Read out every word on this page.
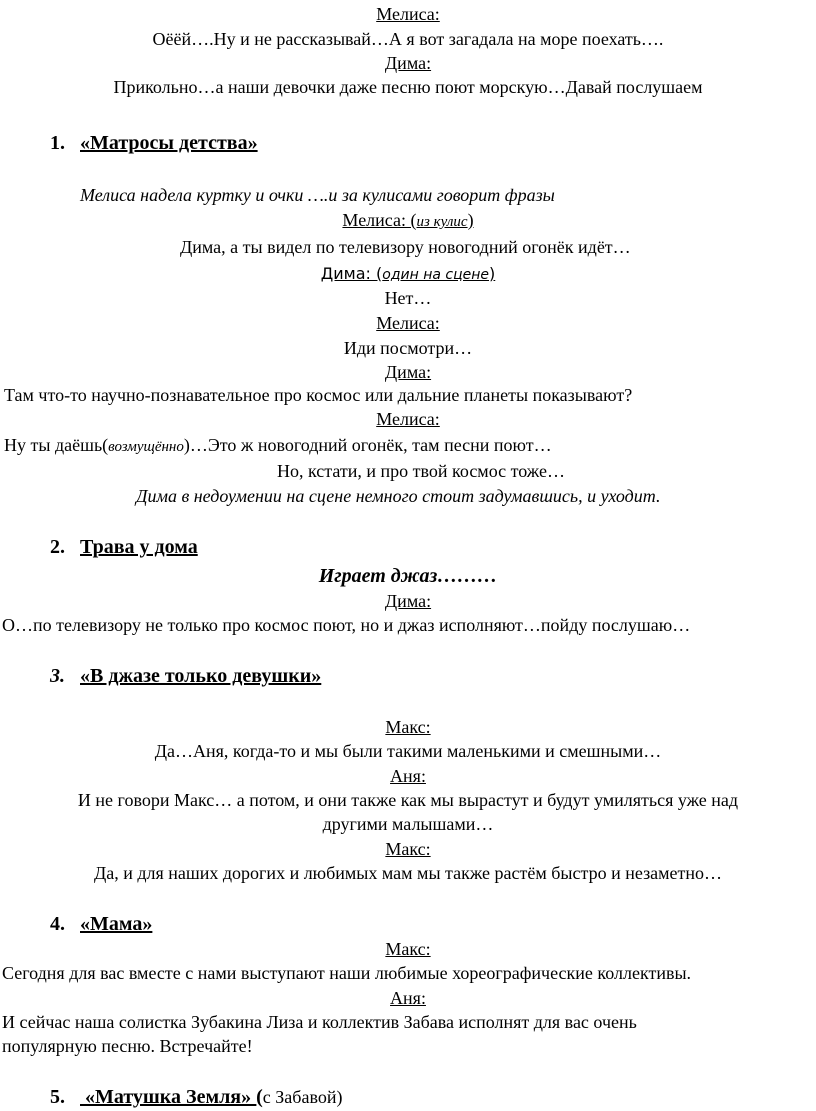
Мелиса:
Оёёй….Ну и не рассказывай…А я вот загадала на море поехать….
Дима:
Прикольно…а наши девочки даже песню поют морскую…Давай послушаем
1. «Матросы детства»
Мелиса надела куртку и очки ….и за кулисами говорит фразы
Мелиса: (из кулис)
Дима, а ты видел по телевизору новогодний огонёк идёт…
Дима: (один на сцене)
Нет…
Мелиса:
Иди посмотри…
Дима:
Там что-то научно-познавательное про космос или дальние планеты показывают?
Мелиса:
Ну ты даёшь(возмущённо)…Это ж новогодний огонёк, там песни поют…
Но, кстати, и про твой космос тоже…
Дима в недоумении на сцене немного стоит задумавшись, и уходит.
2. Трава у дома
Играет джаз………
Дима:
О…по телевизору не только про космос поют, но и джаз исполняют…пойду послушаю…
3. «В джазе только девушки»
Макс:
Да…Аня, когда-то и мы были такими маленькими и смешными…
Аня:
И не говори Макс… а потом, и они также как мы вырастут и будут умиляться уже над
другими малышами…
Макс:
Да, и для наших дорогих и любимых мам мы также растём быстро и незаметно…
4. «Мама»
Макс:
Сегодня для вас вместе с нами выступают наши любимые хореографические коллективы.
Аня:
И сейчас наша солистка Зубакина Лиза и коллектив Забава исполнят для вас очень
популярную песню. Встречайте!
5. «Матушка Земля» (с Забавой)
